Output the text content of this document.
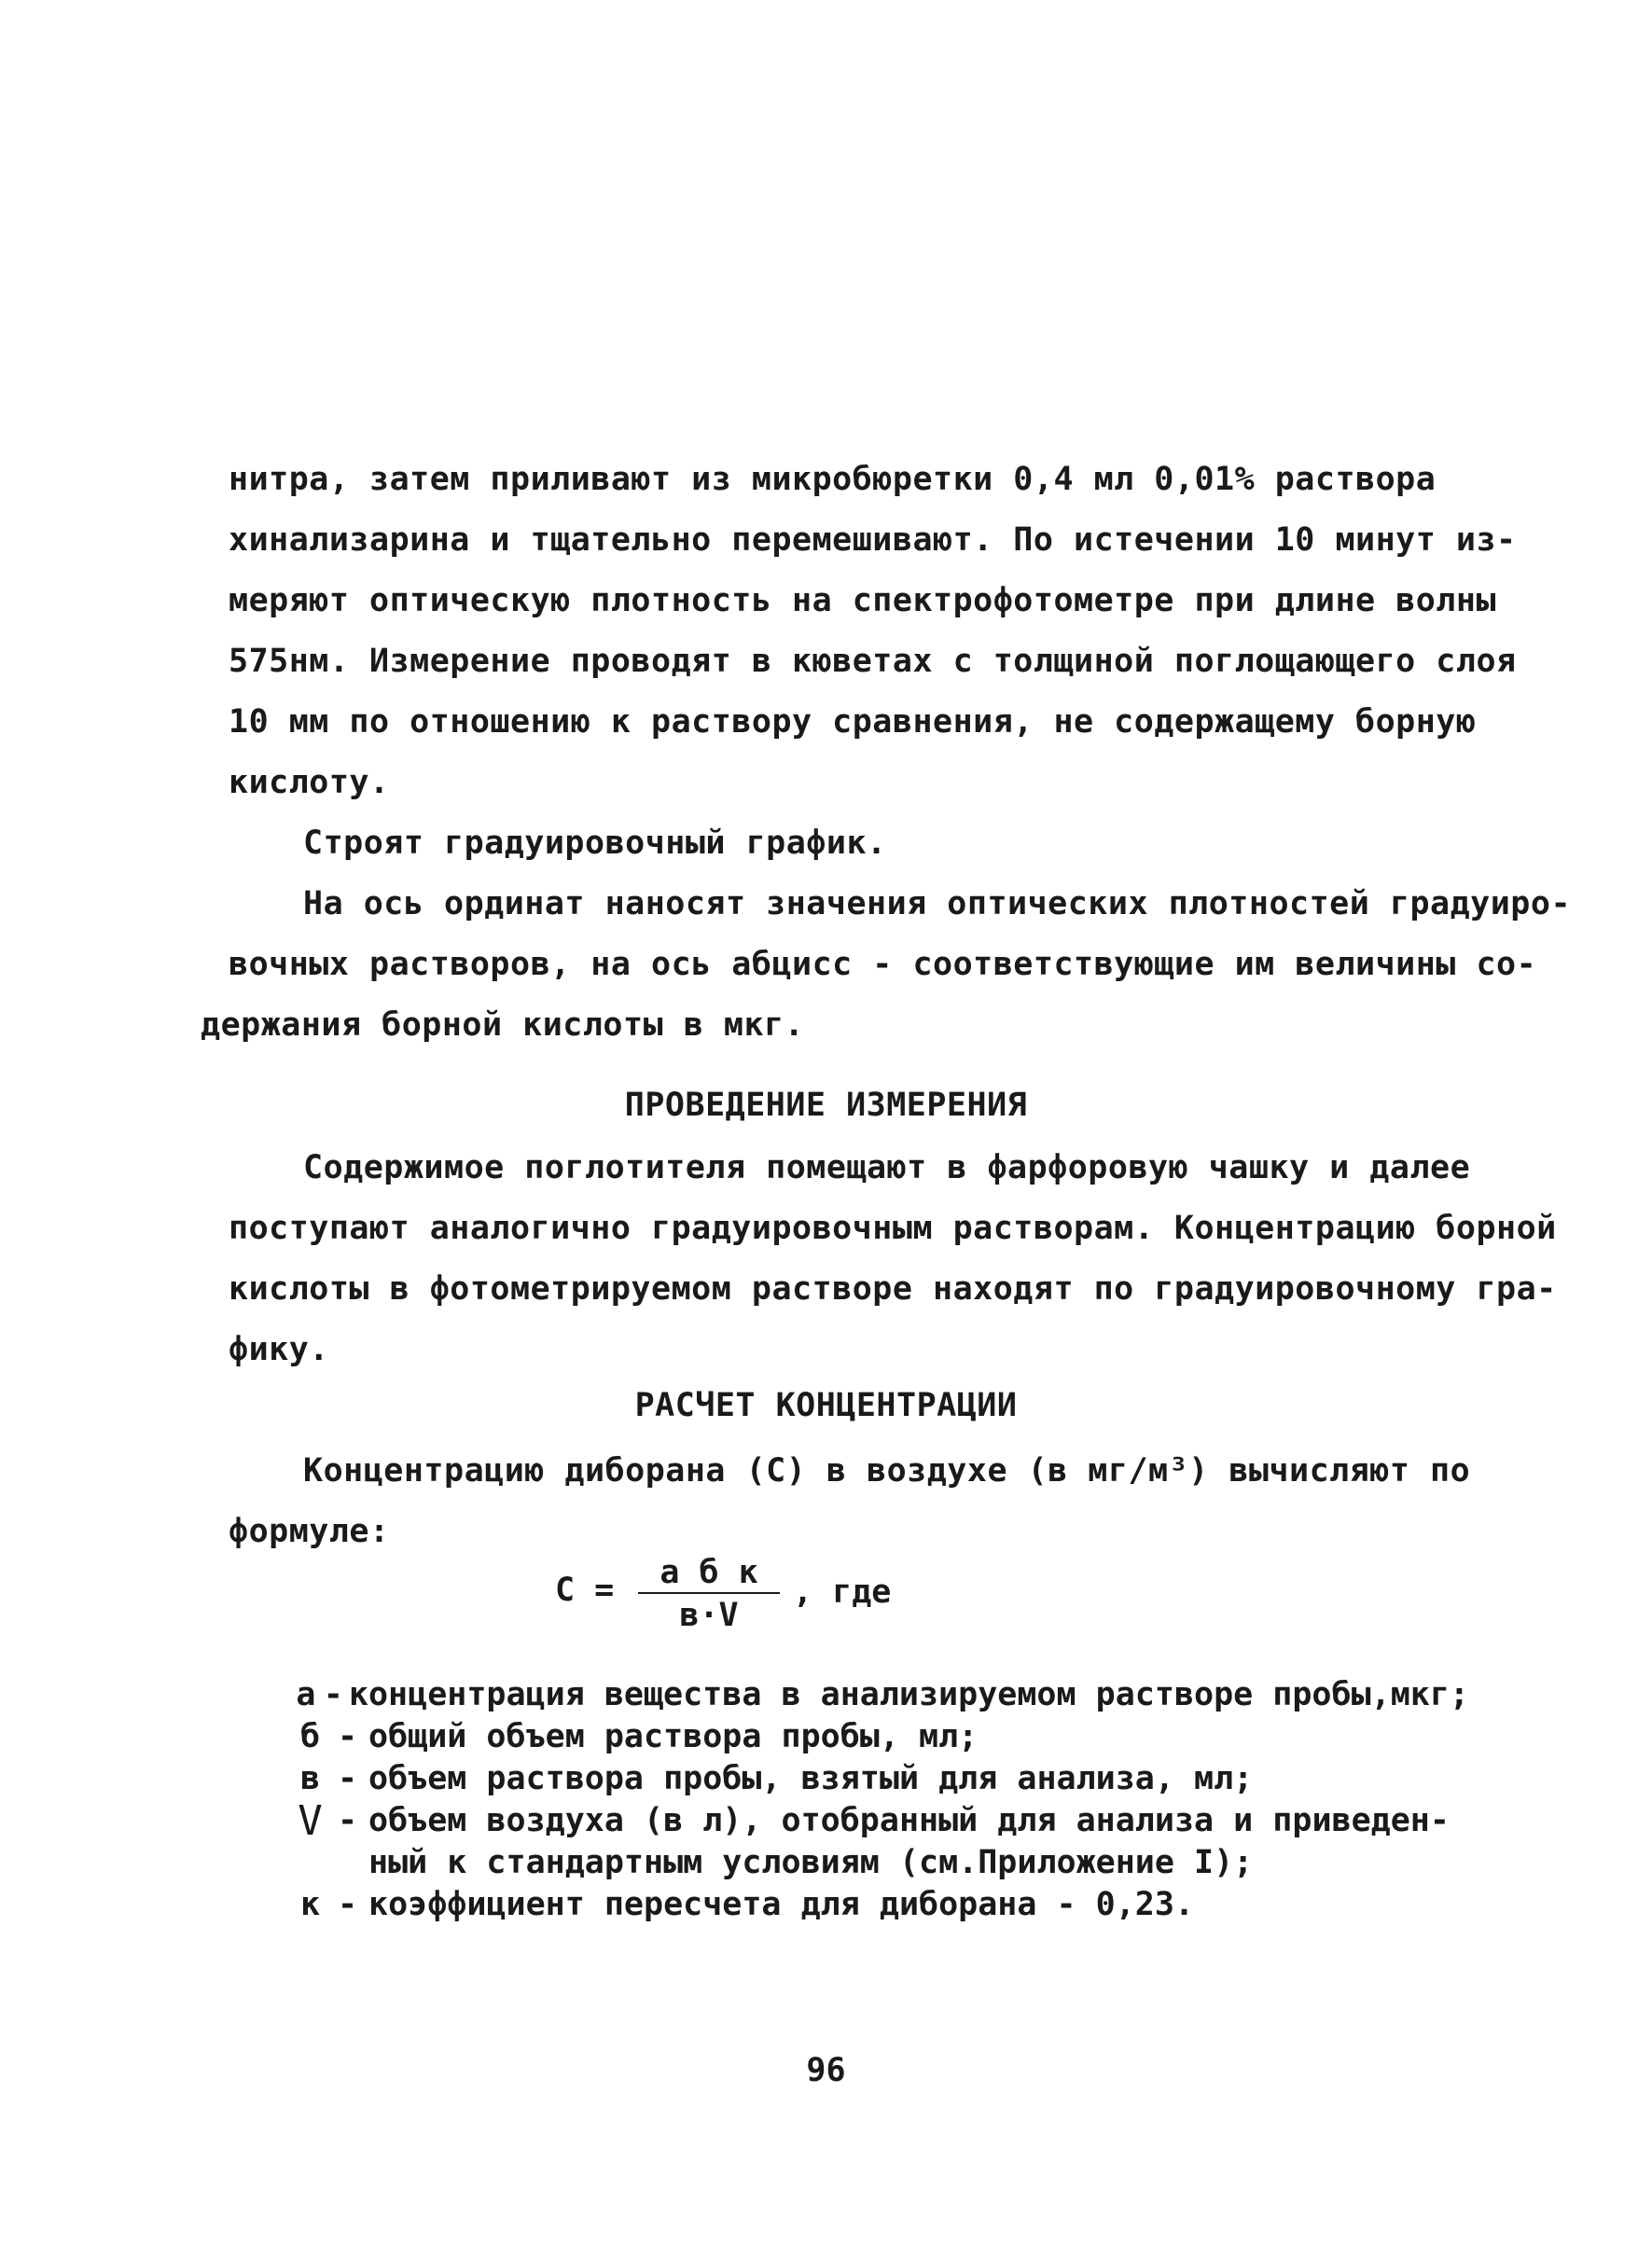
нитра, затем приливают из микробюретки 0,4 мл 0,01% раствора
хинализарина и тщательно перемешивают. По истечении 10 минут из-
меряют оптическую плотность на спектрофотометре при длине волны
575нм. Измерение проводят в кюветах с толщиной поглощающего слоя
10 мм по отношению к раствору сравнения, не содержащему борную
кислоту.
Строят градуировочный график.
На ось ординат наносят значения оптических плотностей градуиро-
вочных растворов, на ось абцисс - соответствующие им величины со-
держания борной кислоты в мкг.
ПРОВЕДЕНИЕ ИЗМЕРЕНИЯ
Содержимое поглотителя помещают в фарфоровую чашку и далее
поступают аналогично градуировочным растворам. Концентрацию борной
кислоты в фотометрируемом растворе находят по градуировочному гра-
фику.
РАСЧЕТ КОНЦЕНТРАЦИИ
Концентрацию диборана (С) в воздухе (в мг/м³) вычисляют по
формуле:
С =	а б к
в·V
, где
а - концентрация вещества в анализируемом растворе пробы,мкг;
б - общий объем раствора пробы, мл;
в - объем раствора пробы, взятый для анализа, мл;
V - объем воздуха (в л), отобранный для анализа и приведен-
ный к стандартным условиям (см.Приложение I);
к - коэффициент пересчета для диборана - 0,23.
96
